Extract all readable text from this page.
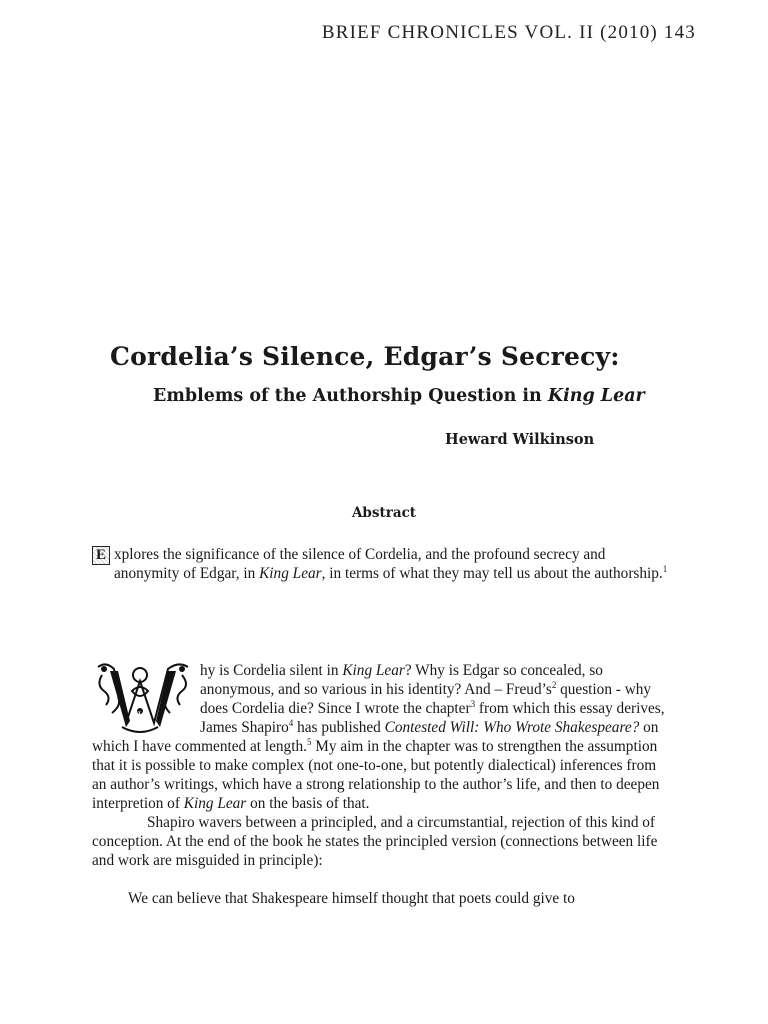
BRIEF CHRONICLES VOL. II (2010) 143
Cordelia’s Silence, Edgar’s Secrecy:
Emblems of the Authorship Question in King Lear
Heward Wilkinson
Abstract
E xplores the significance of the silence of Cordelia, and the profound secrecy and anonymity of Edgar, in King Lear, in terms of what they may tell us about the authorship.$^1$
W

hy is Cordelia silent in King Lear? Why is Edgar so concealed, so anonymous, and so various in his identity? And – $Freud’s^2$ question - why does Cordelia die? Since I wrote the chapter$^3$ from which this essay derives, James Shapiro$^4$ has published Contested Will: Who Wrote Shakespeare? on which I have commented at length.$^5$ My aim in the chapter was to strengthen the assumption that it is possible to make complex (not one-to-one, but potently dialectical) inferences from an author’s writings, which have a strong relationship to the author’s life, and then to deepen interpretion of King Lear on the basis of that.

Shapiro wavers between a principled, and a circumstantial, rejection of this kind of conception. At the end of the book he states the principled version (connections between life and work are misguided in principle):

We can believe that Shakespeare himself thought that poets could give to
